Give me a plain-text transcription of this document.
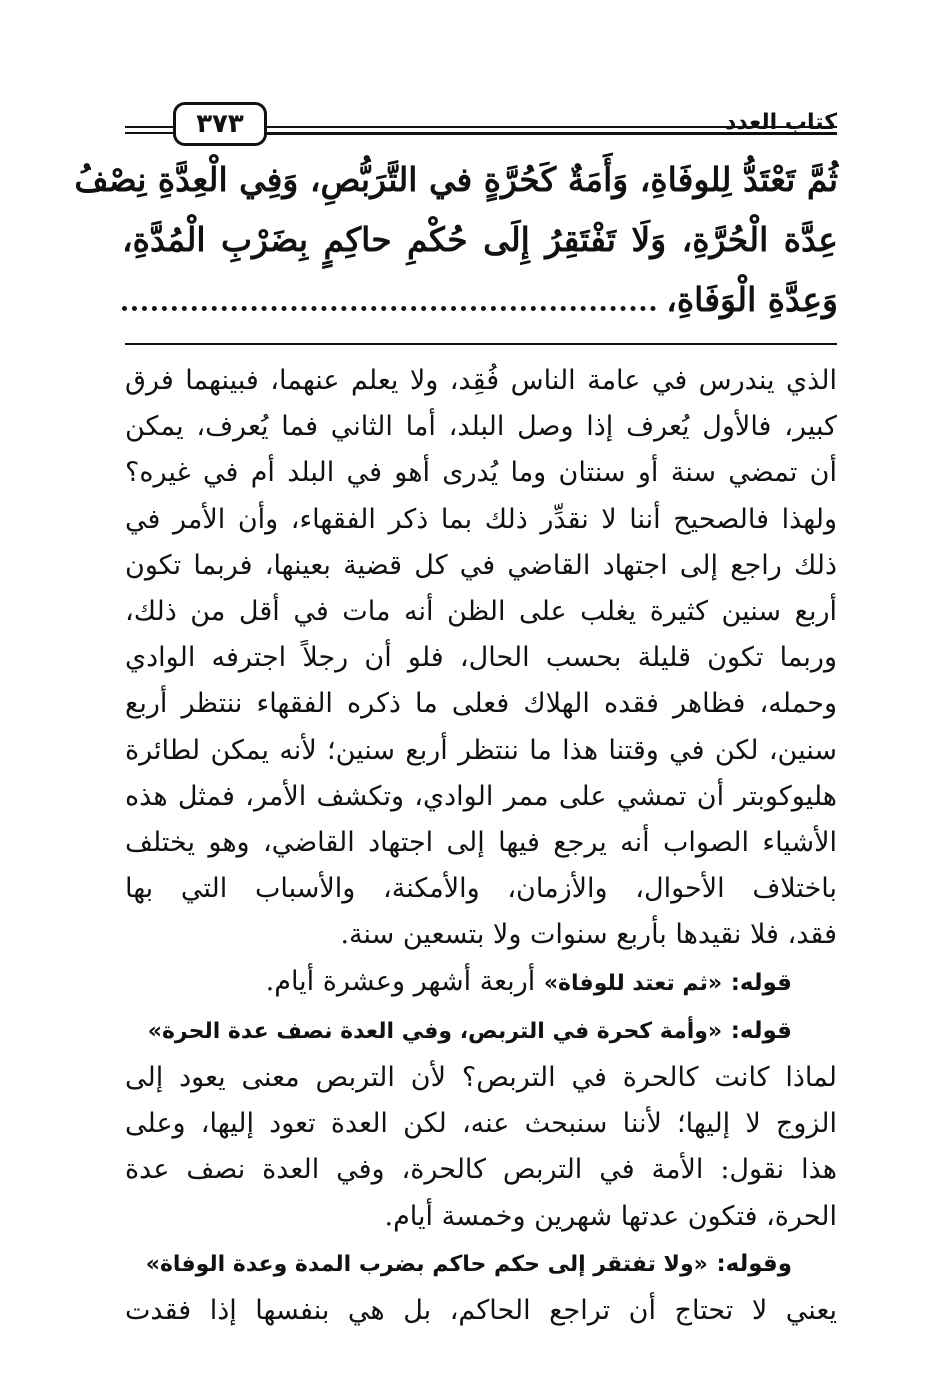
كتاب العدد
٣٧٣
ثُمَّ تَعْتَدُّ لِلوفَاةِ، وَأَمَةٌ كَحُرَّةٍ في التَّرَبُّصِ، وَفِي الْعِدَّةِ نِصْفُ
عِدَّة الْحُرَّةِ، وَلَا تَفْتَقِرُ إِلَى حُكْمِ حاكِمٍ بِضَرْبِ الْمُدَّةِ،
وَعِدَّةِ الْوَفَاةِ،
الذي يندرس في عامة الناس فُقِد، ولا يعلم عنهما، فبينهما فرق
كبير، فالأول يُعرف إذا وصل البلد، أما الثاني فما يُعرف، يمكن
أن تمضي سنة أو سنتان وما يُدرى أهو في البلد أم في غيره؟
ولهذا فالصحيح أننا لا نقدِّر ذلك بما ذكر الفقهاء، وأن الأمر في
ذلك راجع إلى اجتهاد القاضي في كل قضية بعينها، فربما تكون
أربع سنين كثيرة يغلب على الظن أنه مات في أقل من ذلك،
وربما تكون قليلة بحسب الحال، فلو أن رجلاً اجترفه الوادي
وحمله، فظاهر فقده الهلاك فعلى ما ذكره الفقهاء ننتظر أربع
سنين، لكن في وقتنا هذا ما ننتظر أربع سنين؛ لأنه يمكن لطائرة
هليوكوبتر أن تمشي على ممر الوادي، وتكشف الأمر، فمثل هذه
الأشياء الصواب أنه يرجع فيها إلى اجتهاد القاضي، وهو يختلف
باختلاف الأحوال، والأزمان، والأمكنة، والأسباب التي بها
فقد، فلا نقيدها بأربع سنوات ولا بتسعين سنة.
قوله: «ثم تعتد للوفاة» أربعة أشهر وعشرة أيام.
قوله: «وأمة كحرة في التربص، وفي العدة نصف عدة الحرة»
لماذا كانت كالحرة في التربص؟ لأن التربص معنى يعود إلى
الزوج لا إليها؛ لأننا سنبحث عنه، لكن العدة تعود إليها، وعلى
هذا نقول: الأمة في التربص كالحرة، وفي العدة نصف عدة
الحرة، فتكون عدتها شهرين وخمسة أيام.
وقوله: «ولا تفتقر إلى حكم حاكم بضرب المدة وعدة الوفاة»
يعني لا تحتاج أن تراجع الحاكم، بل هي بنفسها إذا فقدت
